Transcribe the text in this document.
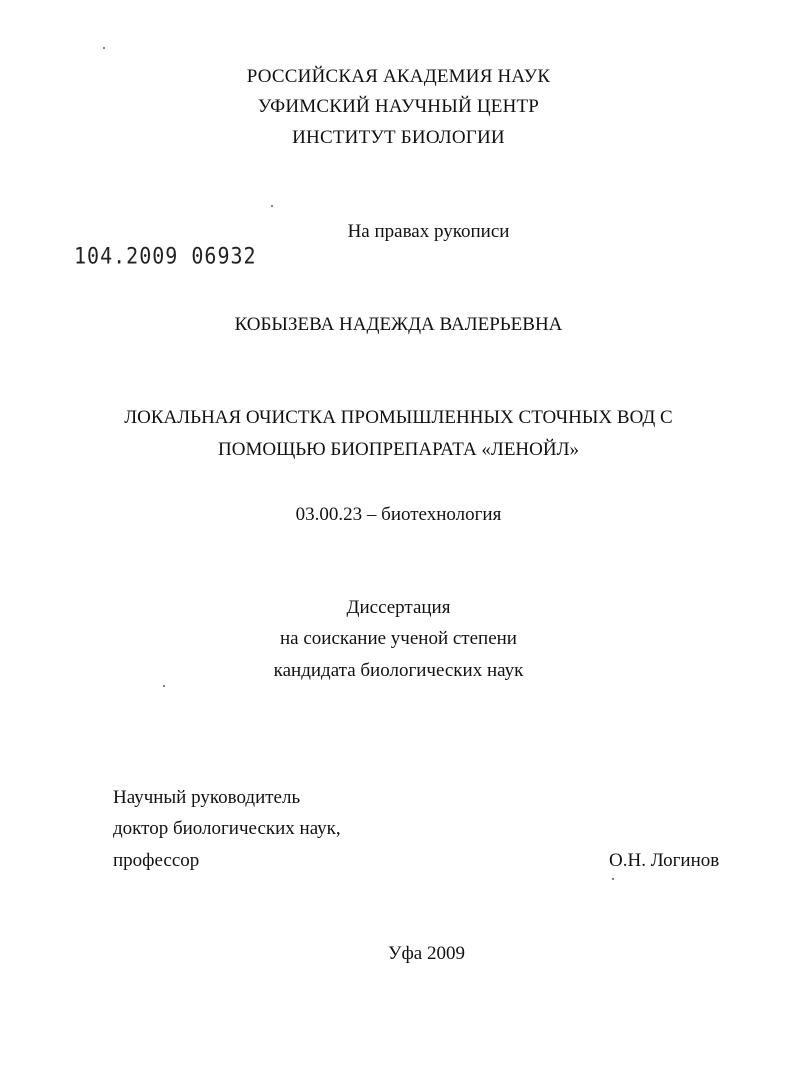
РОССИЙСКАЯ АКАДЕМИЯ НАУК
УФИМСКИЙ НАУЧНЫЙ ЦЕНТР
ИНСТИТУТ БИОЛОГИИ
На правах рукописи
104.2009 06932
КОБЫЗЕВА НАДЕЖДА ВАЛЕРЬЕВНА
ЛОКАЛЬНАЯ ОЧИСТКА ПРОМЫШЛЕННЫХ СТОЧНЫХ ВОД С
ПОМОЩЬЮ БИОПРЕПАРАТА «ЛЕНОЙЛ»
03.00.23 – биотехнология
Диссертация
на соискание ученой степени
кандидата биологических наук
Научный руководитель
доктор биологических наук,
профессор	О.Н. Логинов
Уфа 2009
